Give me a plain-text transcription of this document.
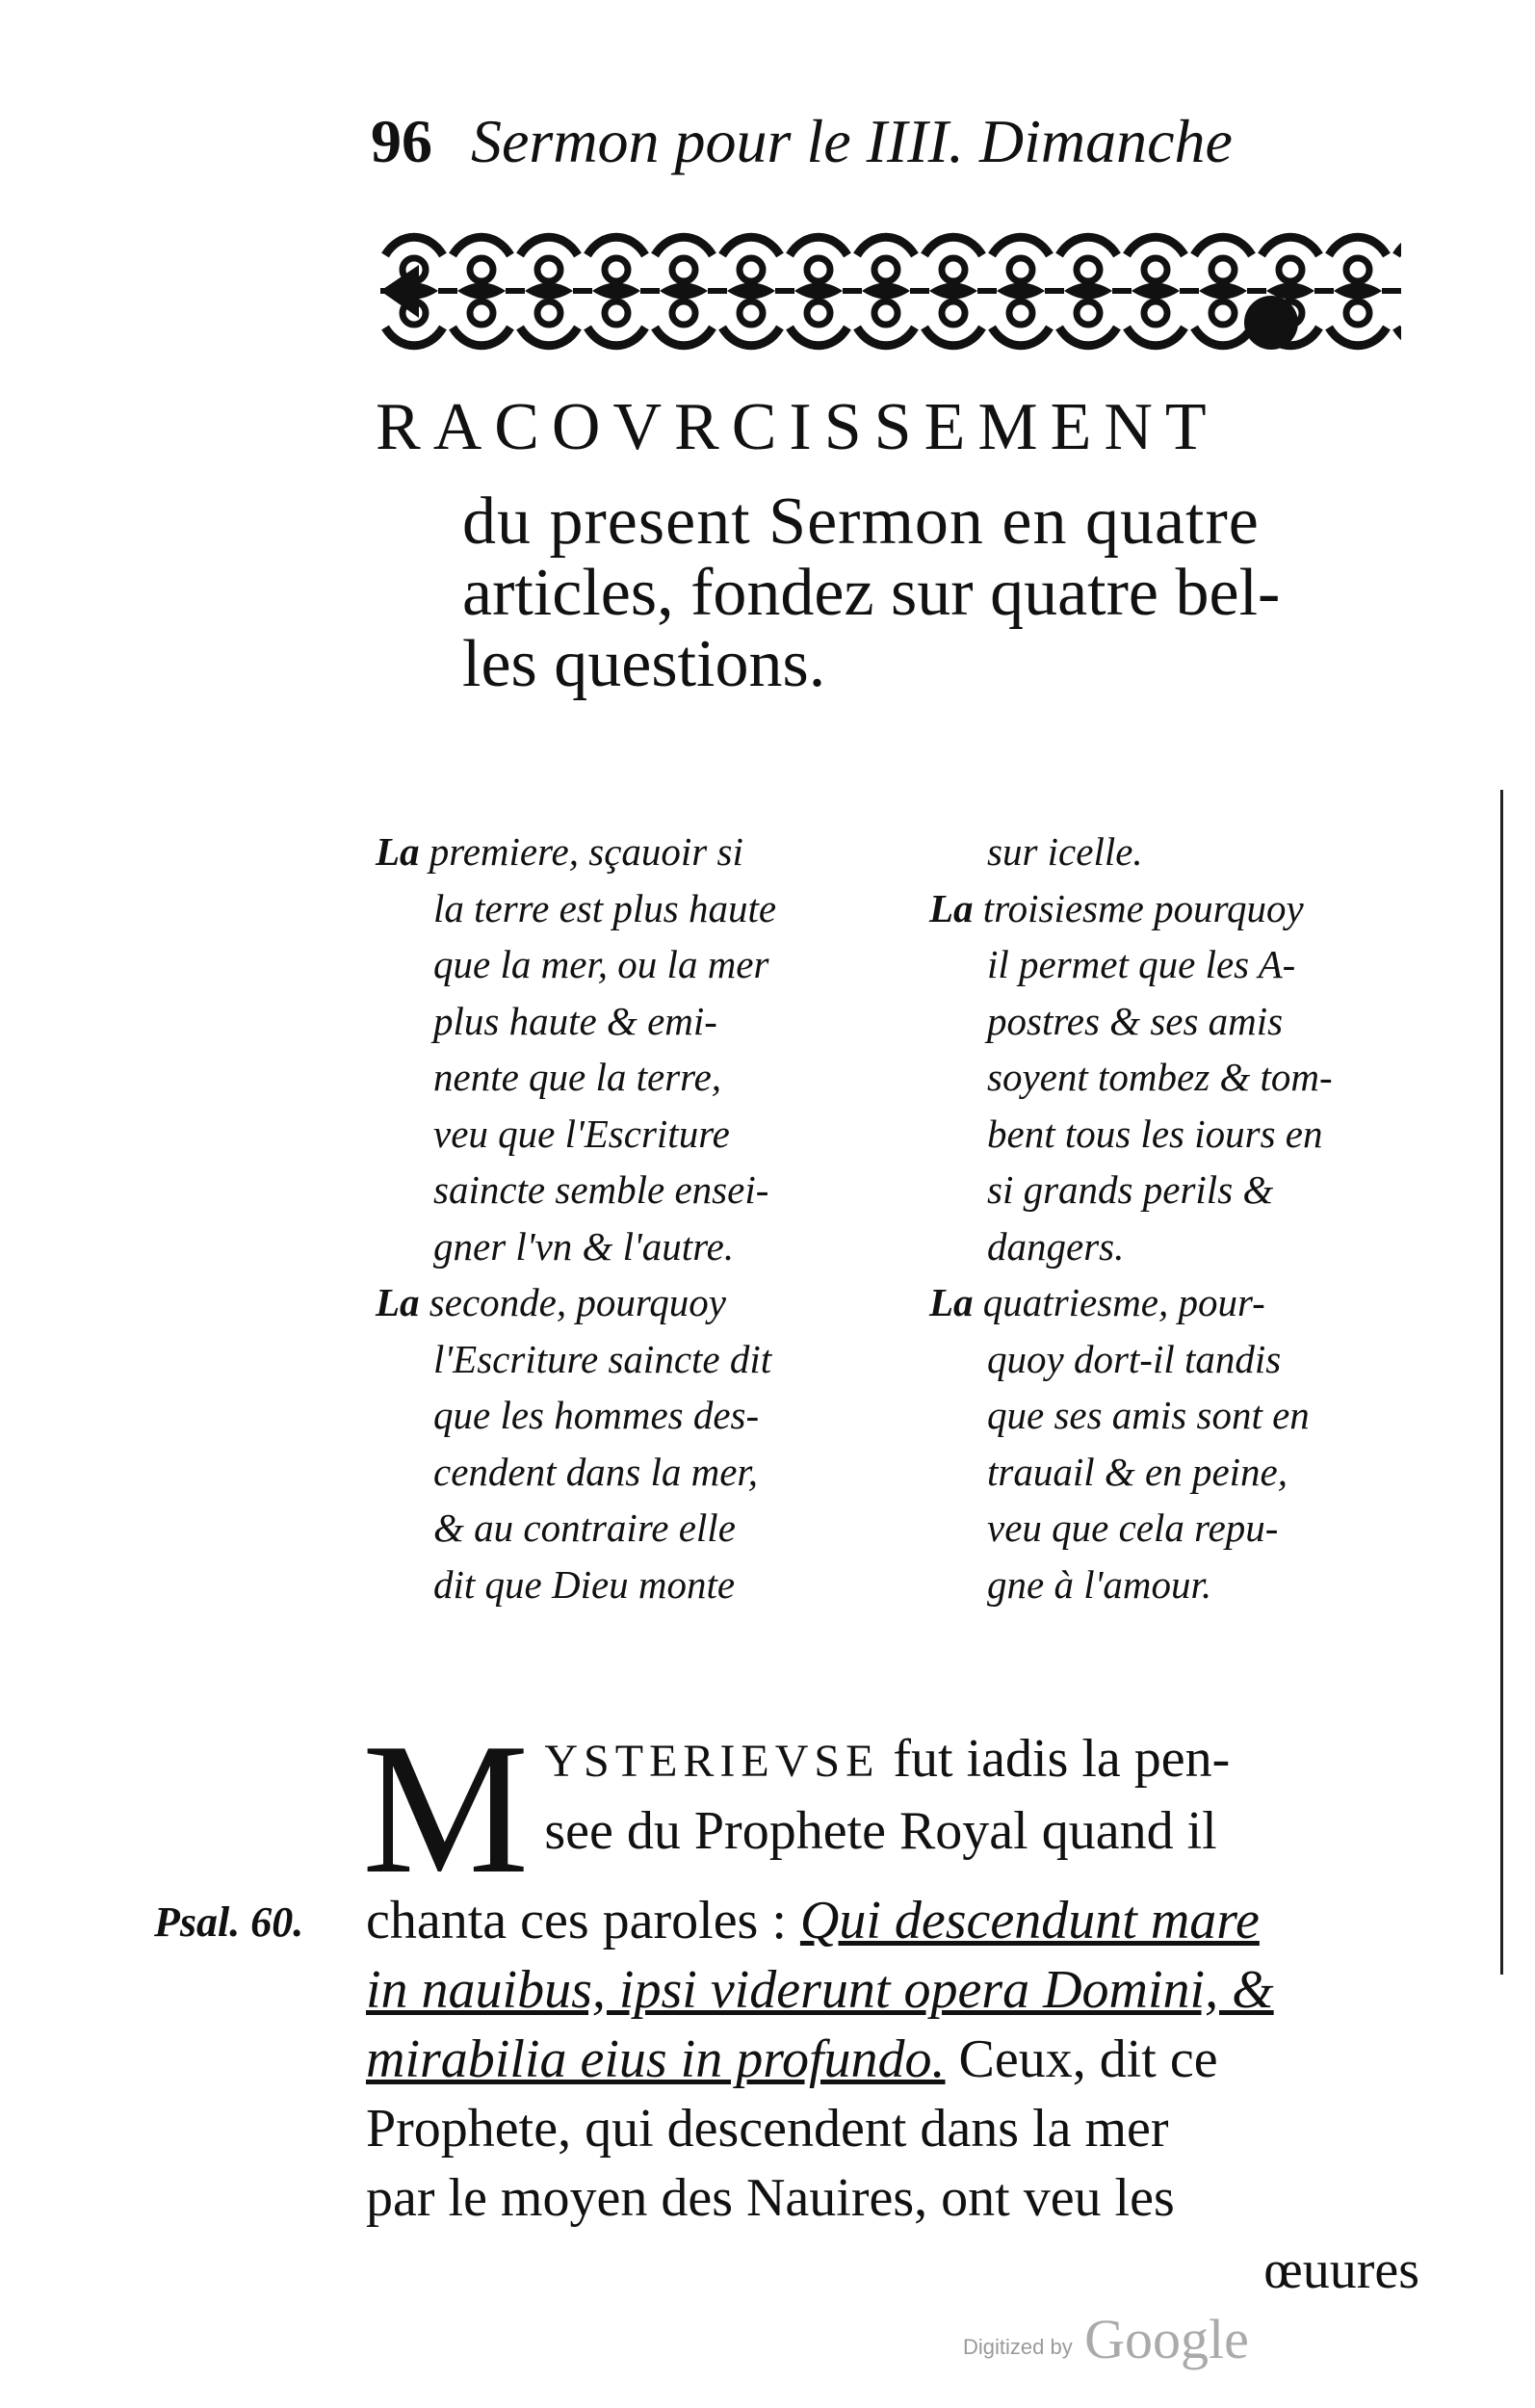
96 Sermon pour le IIII. Dimanche
RACOVRCISSEMENT
du present Sermon en quatre
articles, fondez sur quatre bel-
les questions.
La premiere, sçauoir si
la terre est plus haute
que la mer, ou la mer
plus haute & emi-
nente que la terre,
veu que l'Escriture
saincte semble ensei-
gner l'vn & l'autre.
La seconde, pourquoy
l'Escriture saincte dit
que les hommes des-
cendent dans la mer,
& au contraire elle
dit que Dieu monte
sur icelle.
La troisiesme pourquoy
il permet que les A-
postres & ses amis
soyent tombez & tom-
bent tous les iours en
si grands perils &
dangers.
La quatriesme, pour-
quoy dort-il tandis
que ses amis sont en
trauail & en peine,
veu que cela repu-
gne à l'amour.
Psal. 60.
M YSTERIEVSE fut iadis la pen-
see du Prophete Royal quand il
chanta ces paroles : Qui descendunt mare
in nauibus, ipsi viderunt opera Domini, &
mirabilia eius in profundo. Ceux, dit ce
Prophete, qui descendent dans la mer
par le moyen des Nauires, ont veu les
œuures
Digitized by Google
